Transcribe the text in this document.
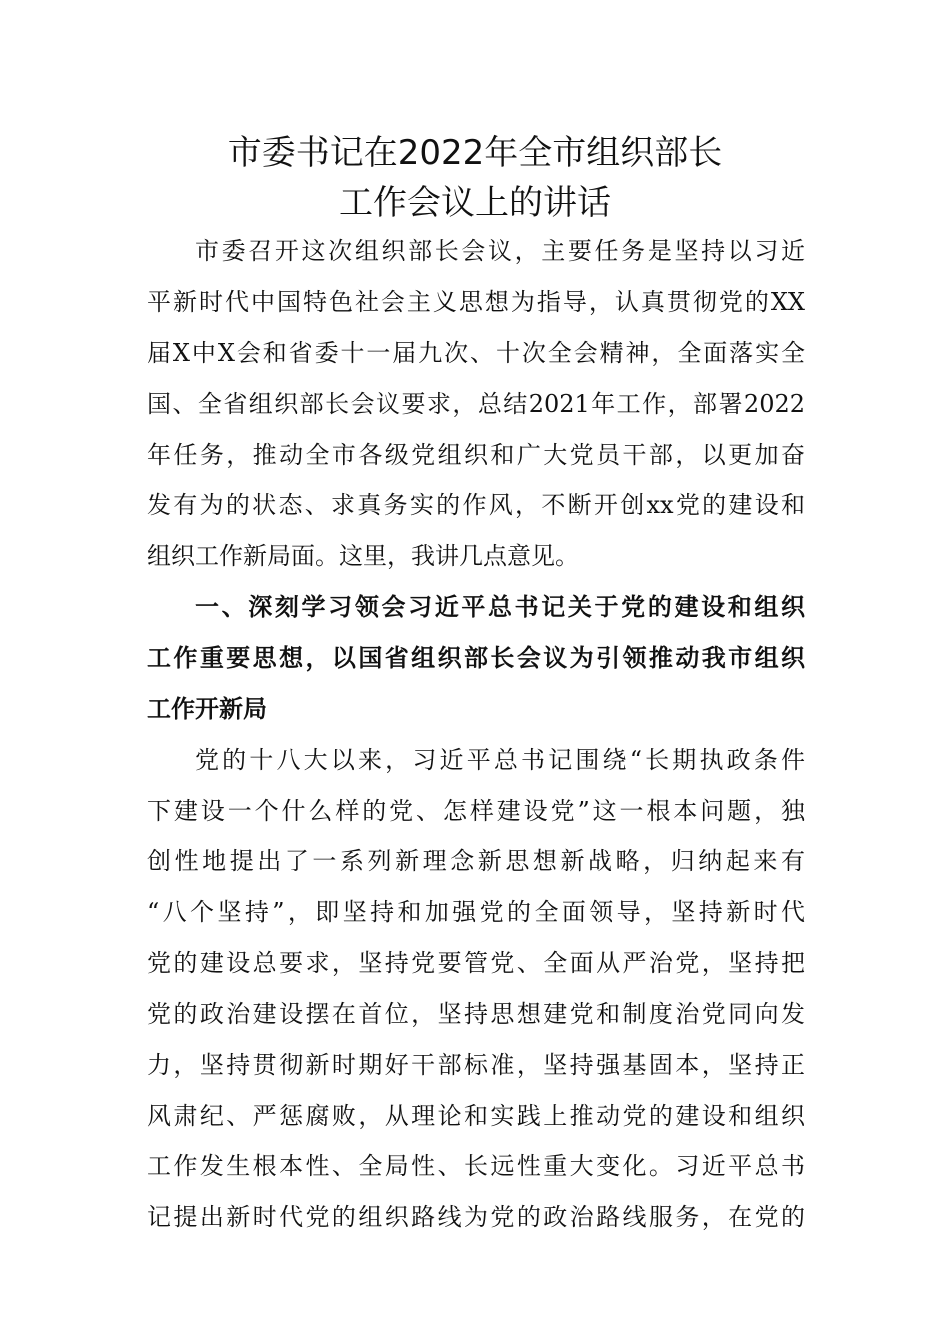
市委书记在2022年全市组织部长
工作会议上的讲话
市委召开这次组织部长会议，主要任务是坚持以习近
平新时代中国特色社会主义思想为指导，认真贯彻党的XX
届X中X会和省委十一届九次、十次全会精神，全面落实全
国、全省组织部长会议要求，总结2021年工作，部署2022
年任务，推动全市各级党组织和广大党员干部，以更加奋
发有为的状态、求真务实的作风，不断开创xx党的建设和
组织工作新局面。这里，我讲几点意见。
一、深刻学习领会习近平总书记关于党的建设和组织
工作重要思想，以国省组织部长会议为引领推动我市组织
工作开新局
党的十八大以来，习近平总书记围绕“长期执政条件
下建设一个什么样的党、怎样建设党”这一根本问题，独
创性地提出了一系列新理念新思想新战略，归纳起来有
“八个坚持”，即坚持和加强党的全面领导，坚持新时代
党的建设总要求，坚持党要管党、全面从严治党，坚持把
党的政治建设摆在首位，坚持思想建党和制度治党同向发
力，坚持贯彻新时期好干部标准，坚持强基固本，坚持正
风肃纪、严惩腐败，从理论和实践上推动党的建设和组织
工作发生根本性、全局性、长远性重大变化。习近平总书
记提出新时代党的组织路线为党的政治路线服务，在党的
